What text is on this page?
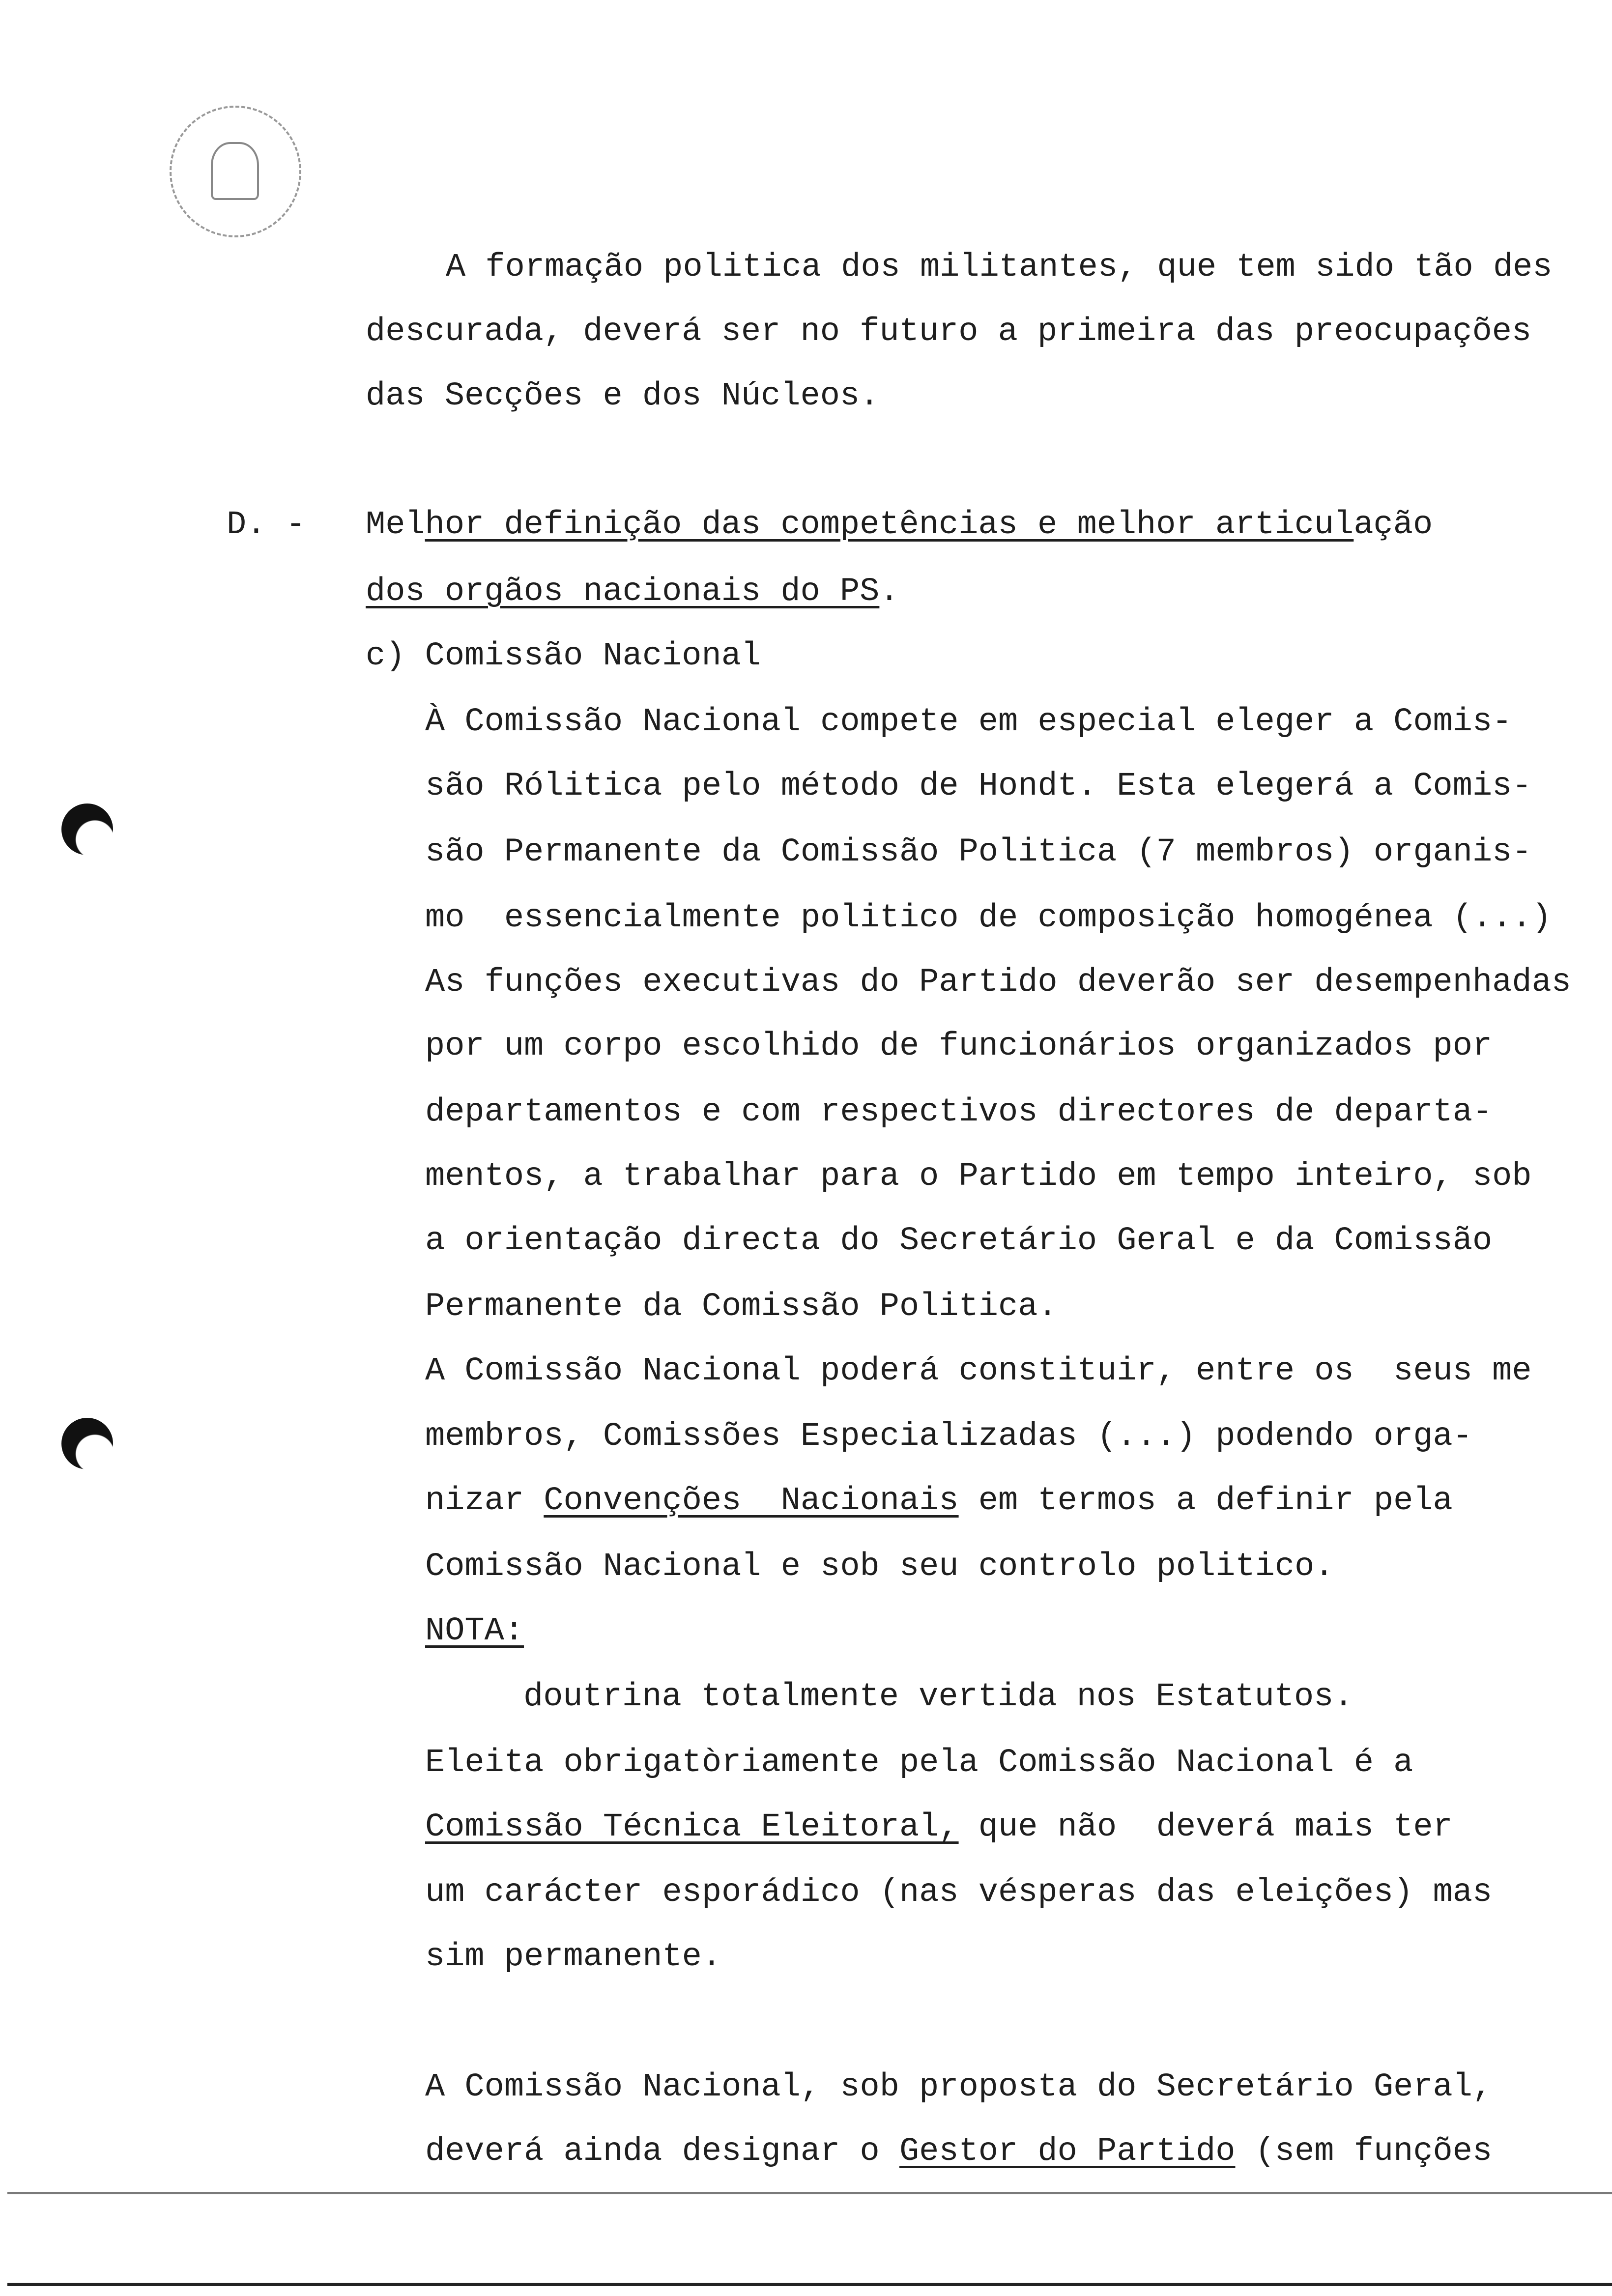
A formação politica dos militantes, que tem sido tão des
descurada, deverá ser no futuro a primeira das preocupações
das Secções e dos Núcleos.
D. - Melhor definição das competências e melhor articulação
dos orgãos nacionais do PS.
c) Comissão Nacional
À Comissão Nacional compete em especial eleger a Comis-
são Rólitica pelo método de Hondt. Esta elegerá a Comis-
são Permanente da Comissão Politica (7 membros) organis-
mo  essencialmente politico de composição homogénea (...)
As funções executivas do Partido deverão ser desempenhadas
por um corpo escolhido de funcionários organizados por
departamentos e com respectivos directores de departa-
mentos, a trabalhar para o Partido em tempo inteiro, sob
a orientação directa do Secretário Geral e da Comissão
Permanente da Comissão Politica.
A Comissão Nacional poderá constituir, entre os  seus me
membros, Comissões Especializadas (...) podendo orga-
nizar Convenções  Nacionais em termos a definir pela
Comissão Nacional e sob seu controlo politico.
NOTA:
doutrina totalmente vertida nos Estatutos.
Eleita obrigatòriamente pela Comissão Nacional é a
Comissão Técnica Eleitoral, que não  deverá mais ter
um carácter esporádico (nas vésperas das eleições) mas
sim permanente.
A Comissão Nacional, sob proposta do Secretário Geral,
deverá ainda designar o Gestor do Partido (sem funções
